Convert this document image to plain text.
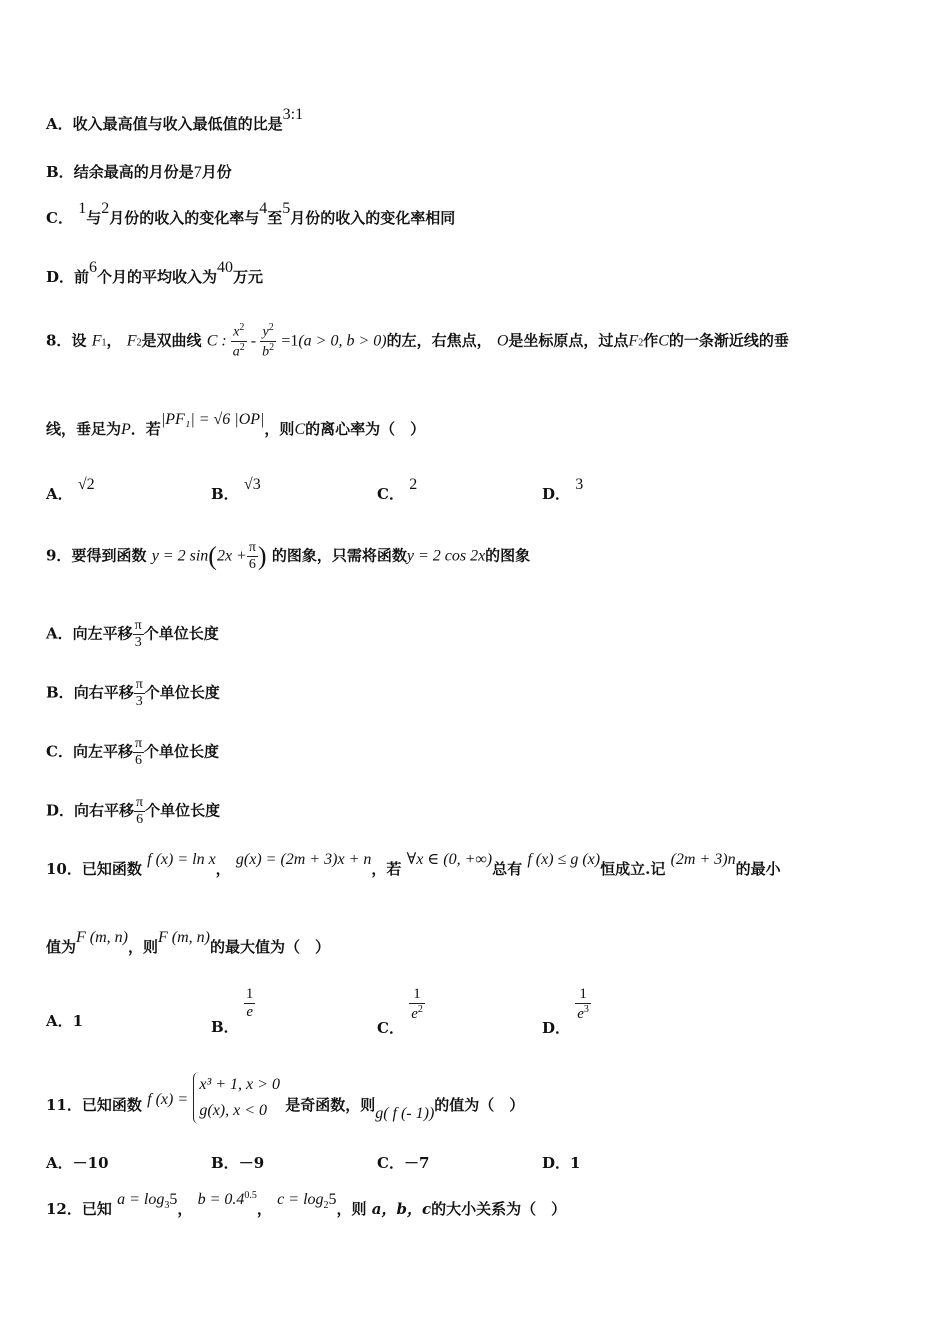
A．收入最高值与收入最低值的比是3:1
B．结余最高的月份是7月份
C． 1与2月份的收入的变化率与4至5月份的收入的变化率相同
D．前6个月的平均收入为40万元
8．设 F1， F2是双曲线 C : $\frac{x^2}{a^2} - \frac{y^2}{b^2} =1(a > 0$, b > 0)的左，右焦点， O是坐标原点，过点F2作C的一条渐近线的垂
线，垂足为P．若|PF₁| = √6 |OP|，则C的离心率为（　）
A． √2
B． √3
C． 2
D． 3
9．要得到函数 y = 2 $\sin(2x + \frac{\pi}{6}$ ) 的图象，只需将函数y = 2 cos 2x的图象
A．向左平移 $\frac{\pi}{3}$ 个单位长度
B．向右平移 $\frac{\pi}{3}$ 个单位长度
C．向左平移 $\frac{\pi}{6}$ 个单位长度
D．向右平移 $\frac{\pi}{6}$ 个单位长度
10．已知函数 f (x) = ln x， g(x) = (2m + 3)x + n，若 ∀x ∈ (0, +∞)总有 f (x) ≤ g (x)恒成立.记 (2m + 3)n的最小
值为F (m, n)，则F (m, n)的最大值为（　）
A．1	B．
$\frac{1}{e}$
C．
$\frac{1}{e^2}$
D．
$\frac{1}{e^3}$
11．已知函数 f (x) =
x³ + 1, x > 0
g(x), x < 0	是奇函数，则g( f (- 1))的值为（　）
A．－10	B．－9	C．－7	D．1
12．已知 $a = \log_35$， $b = 0.4^{0.5}$， $c = \log_25$，则 a，b，c的大小关系为（　）
